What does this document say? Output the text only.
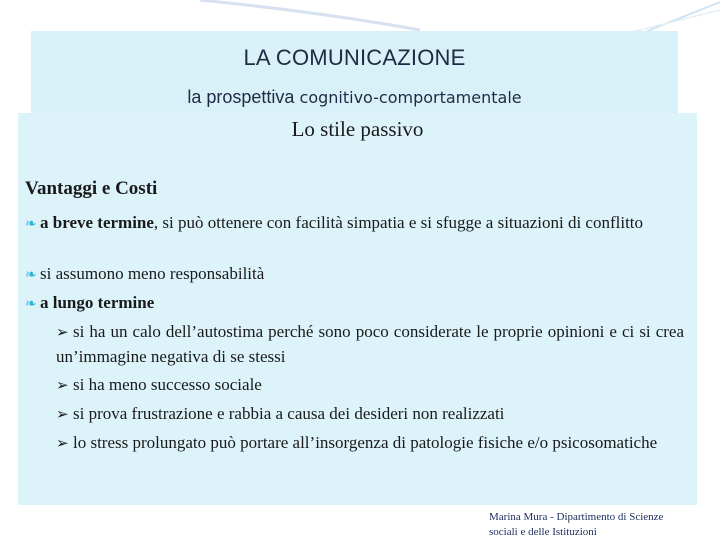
LA COMUNICAZIONE
la prospettiva cognitivo-comportamentale
Lo stile passivo
Vantaggi e Costi
❧ a breve termine, si può ottenere con facilità simpatia e si sfugge a situazioni di conflitto
❧ si assumono meno responsabilità
❧ a lungo termine
➢ si ha un calo dell’autostima perché sono poco considerate le proprie opinioni e ci si crea un’immagine negativa di se stessi
➢ si ha meno successo sociale
➢ si prova frustrazione e rabbia a causa dei desideri non realizzati
➢ lo stress prolungato può portare all’insorgenza di patologie fisiche e/o psicosomatiche
Marina Mura - Dipartimento di Scienze
sociali e delle Istituzioni
